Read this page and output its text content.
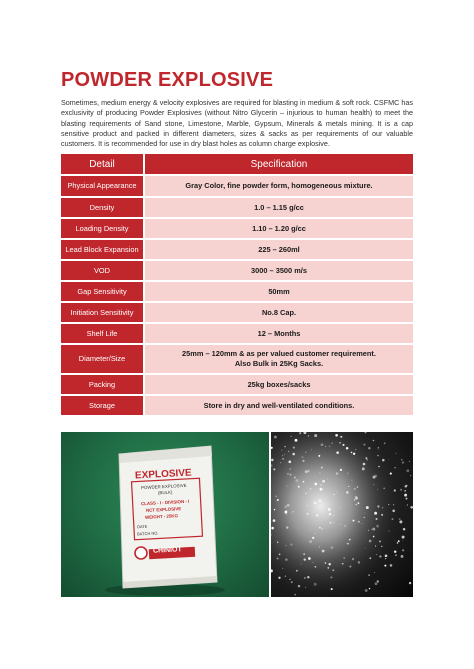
POWDER EXPLOSIVE
Sometimes, medium energy & velocity explosives are required for blasting in medium & soft rock. CSFMC has exclusivity of producing Powder Explosives (without Nitro Glycerin – injurious to human health) to meet the blasting requirements of Sand stone, Limestone, Marble, Gypsum, Minerals & metals mining. It is a cap sensitive product and packed in different diameters, sizes & sacks as per requirements of our valuable customers. It is recommended for use in dry blast holes as column charge explosive.
Detail	Specification
Physical Appearance	Gray Color, fine powder form, homogeneous mixture.
Density	1.0 – 1.15 g/cc
Loading Density	1.10 – 1.20 g/cc
Lead Block Expansion	225 – 260ml
VOD	3000 – 3500 m/s
Gap Sensitivity	50mm
Initiation Sensitivity	No.8 Cap.
Shelf Life	12 – Months
Diameter/Size	25mm – 120mm & as per valued customer requirement.
Also Bulk in 25Kg Sacks.

Packing	25kg boxes/sacks
Storage	Store in dry and well-ventilated conditions.
EXPLOSIVE
POWDER EXPLOSIVE
(BULK)
CLASS - I - DIVISION - I
NCT EXPLOSIVE
WEIGHT - 25KG
DATE
BATCH NO.
CHINIOT
